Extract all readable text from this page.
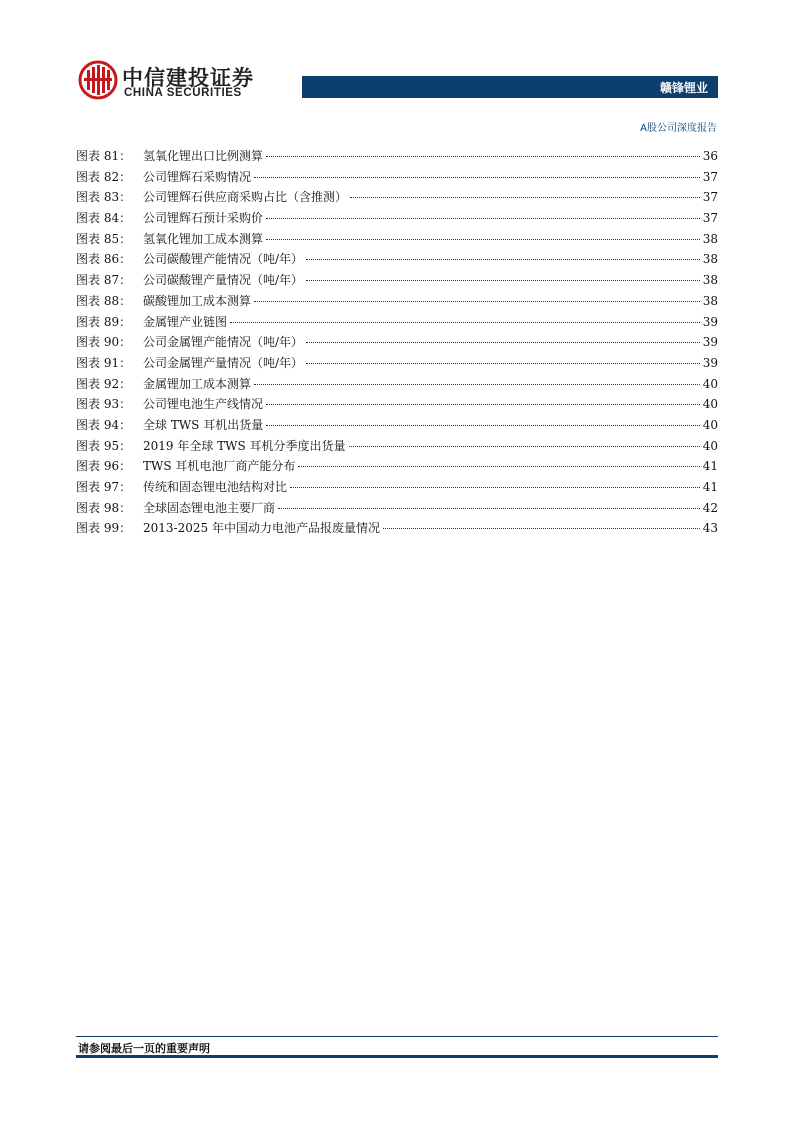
中信建投证券
CHINA SECURITIES	赣锋锂业
A股公司深度报告
图表 81： 氢氧化锂出口比例测算	36
图表 82： 公司锂辉石采购情况	37
图表 83： 公司锂辉石供应商采购占比（含推测）	37
图表 84： 公司锂辉石预计采购价	37
图表 85： 氢氧化锂加工成本测算	38
图表 86： 公司碳酸锂产能情况（吨/年）	38
图表 87： 公司碳酸锂产量情况（吨/年）	38
图表 88： 碳酸锂加工成本测算	38
图表 89： 金属锂产业链图	39
图表 90： 公司金属锂产能情况（吨/年）	39
图表 91： 公司金属锂产量情况（吨/年）	39
图表 92： 金属锂加工成本测算	40
图表 93： 公司锂电池生产线情况	40
图表 94： 全球 TWS 耳机出货量	40
图表 95： 2019 年全球 TWS 耳机分季度出货量	40
图表 96： TWS 耳机电池厂商产能分布	41
图表 97： 传统和固态锂电池结构对比	41
图表 98： 全球固态锂电池主要厂商	42
图表 99： 2013-2025 年中国动力电池产品报废量情况	43
请参阅最后一页的重要声明
